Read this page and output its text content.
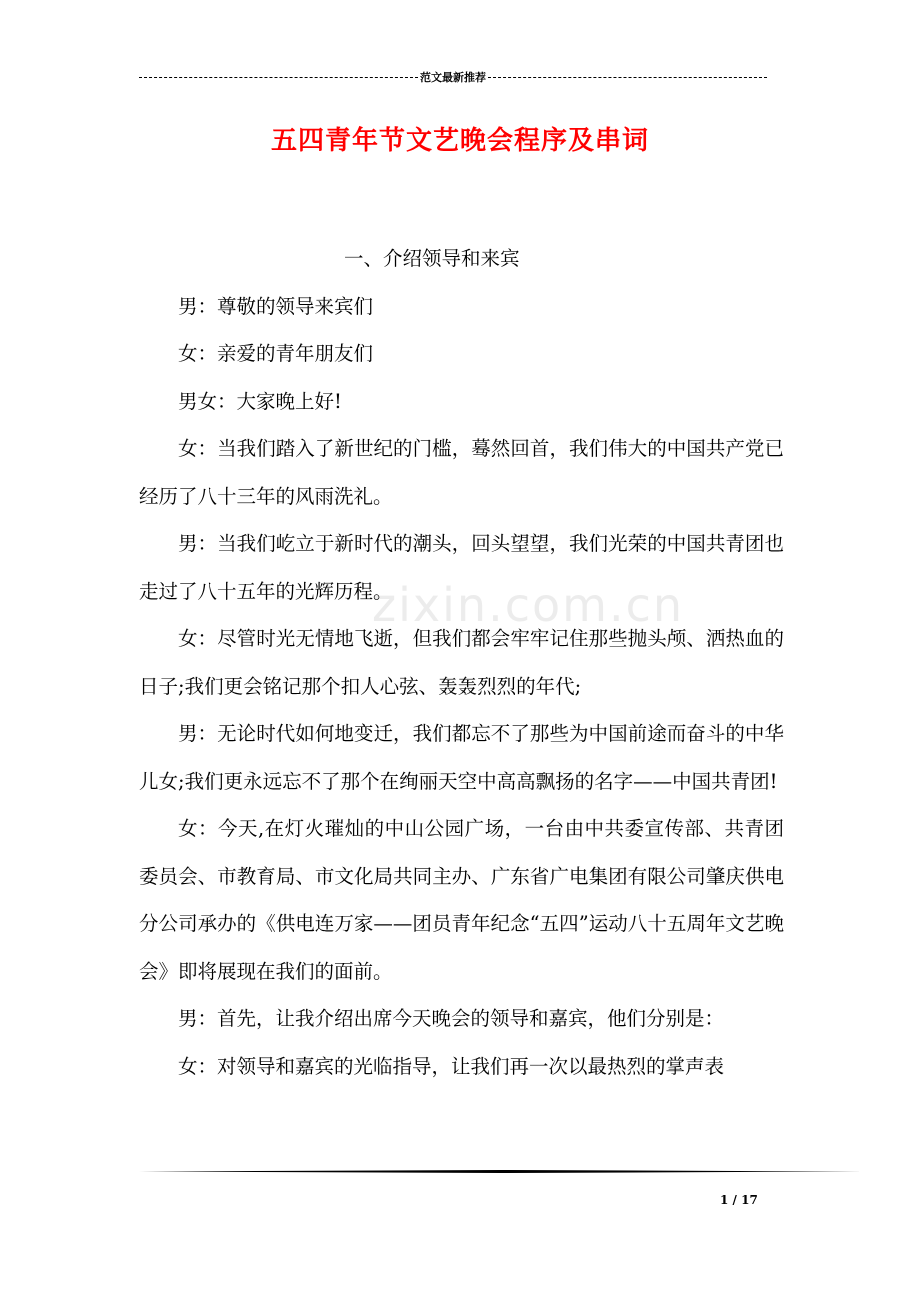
范文最新推荐
五四青年节文艺晚会程序及串词
zixin.com.cn

一、介绍领导和来宾

男：尊敬的领导来宾们

女：亲爱的青年朋友们

男女：大家晚上好!

女：当我们踏入了新世纪的门槛，蓦然回首，我们伟大的中国共产党已经历了八十三年的风雨洗礼。

男：当我们屹立于新时代的潮头，回头望望，我们光荣的中国共青团也走过了八十五年的光辉历程。

女：尽管时光无情地飞逝，但我们都会牢牢记住那些抛头颅、洒热血的日子;我们更会铭记那个扣人心弦、轰轰烈烈的年代;

男：无论时代如何地变迁，我们都忘不了那些为中国前途而奋斗的中华儿女;我们更永远忘不了那个在绚丽天空中高高飘扬的名字——中国共青团!

女：今天,在灯火璀灿的中山公园广场，一台由中共委宣传部、共青团委员会、市教育局、市文化局共同主办、广东省广电集团有限公司肇庆供电分公司承办的《供电连万家——团员青年纪念“五四”运动八十五周年文艺晚会》即将展现在我们的面前。

男：首先，让我介绍出席今天晚会的领导和嘉宾，他们分别是：

女：对领导和嘉宾的光临指导，让我们再一次以最热烈的掌声表

1 / 17
